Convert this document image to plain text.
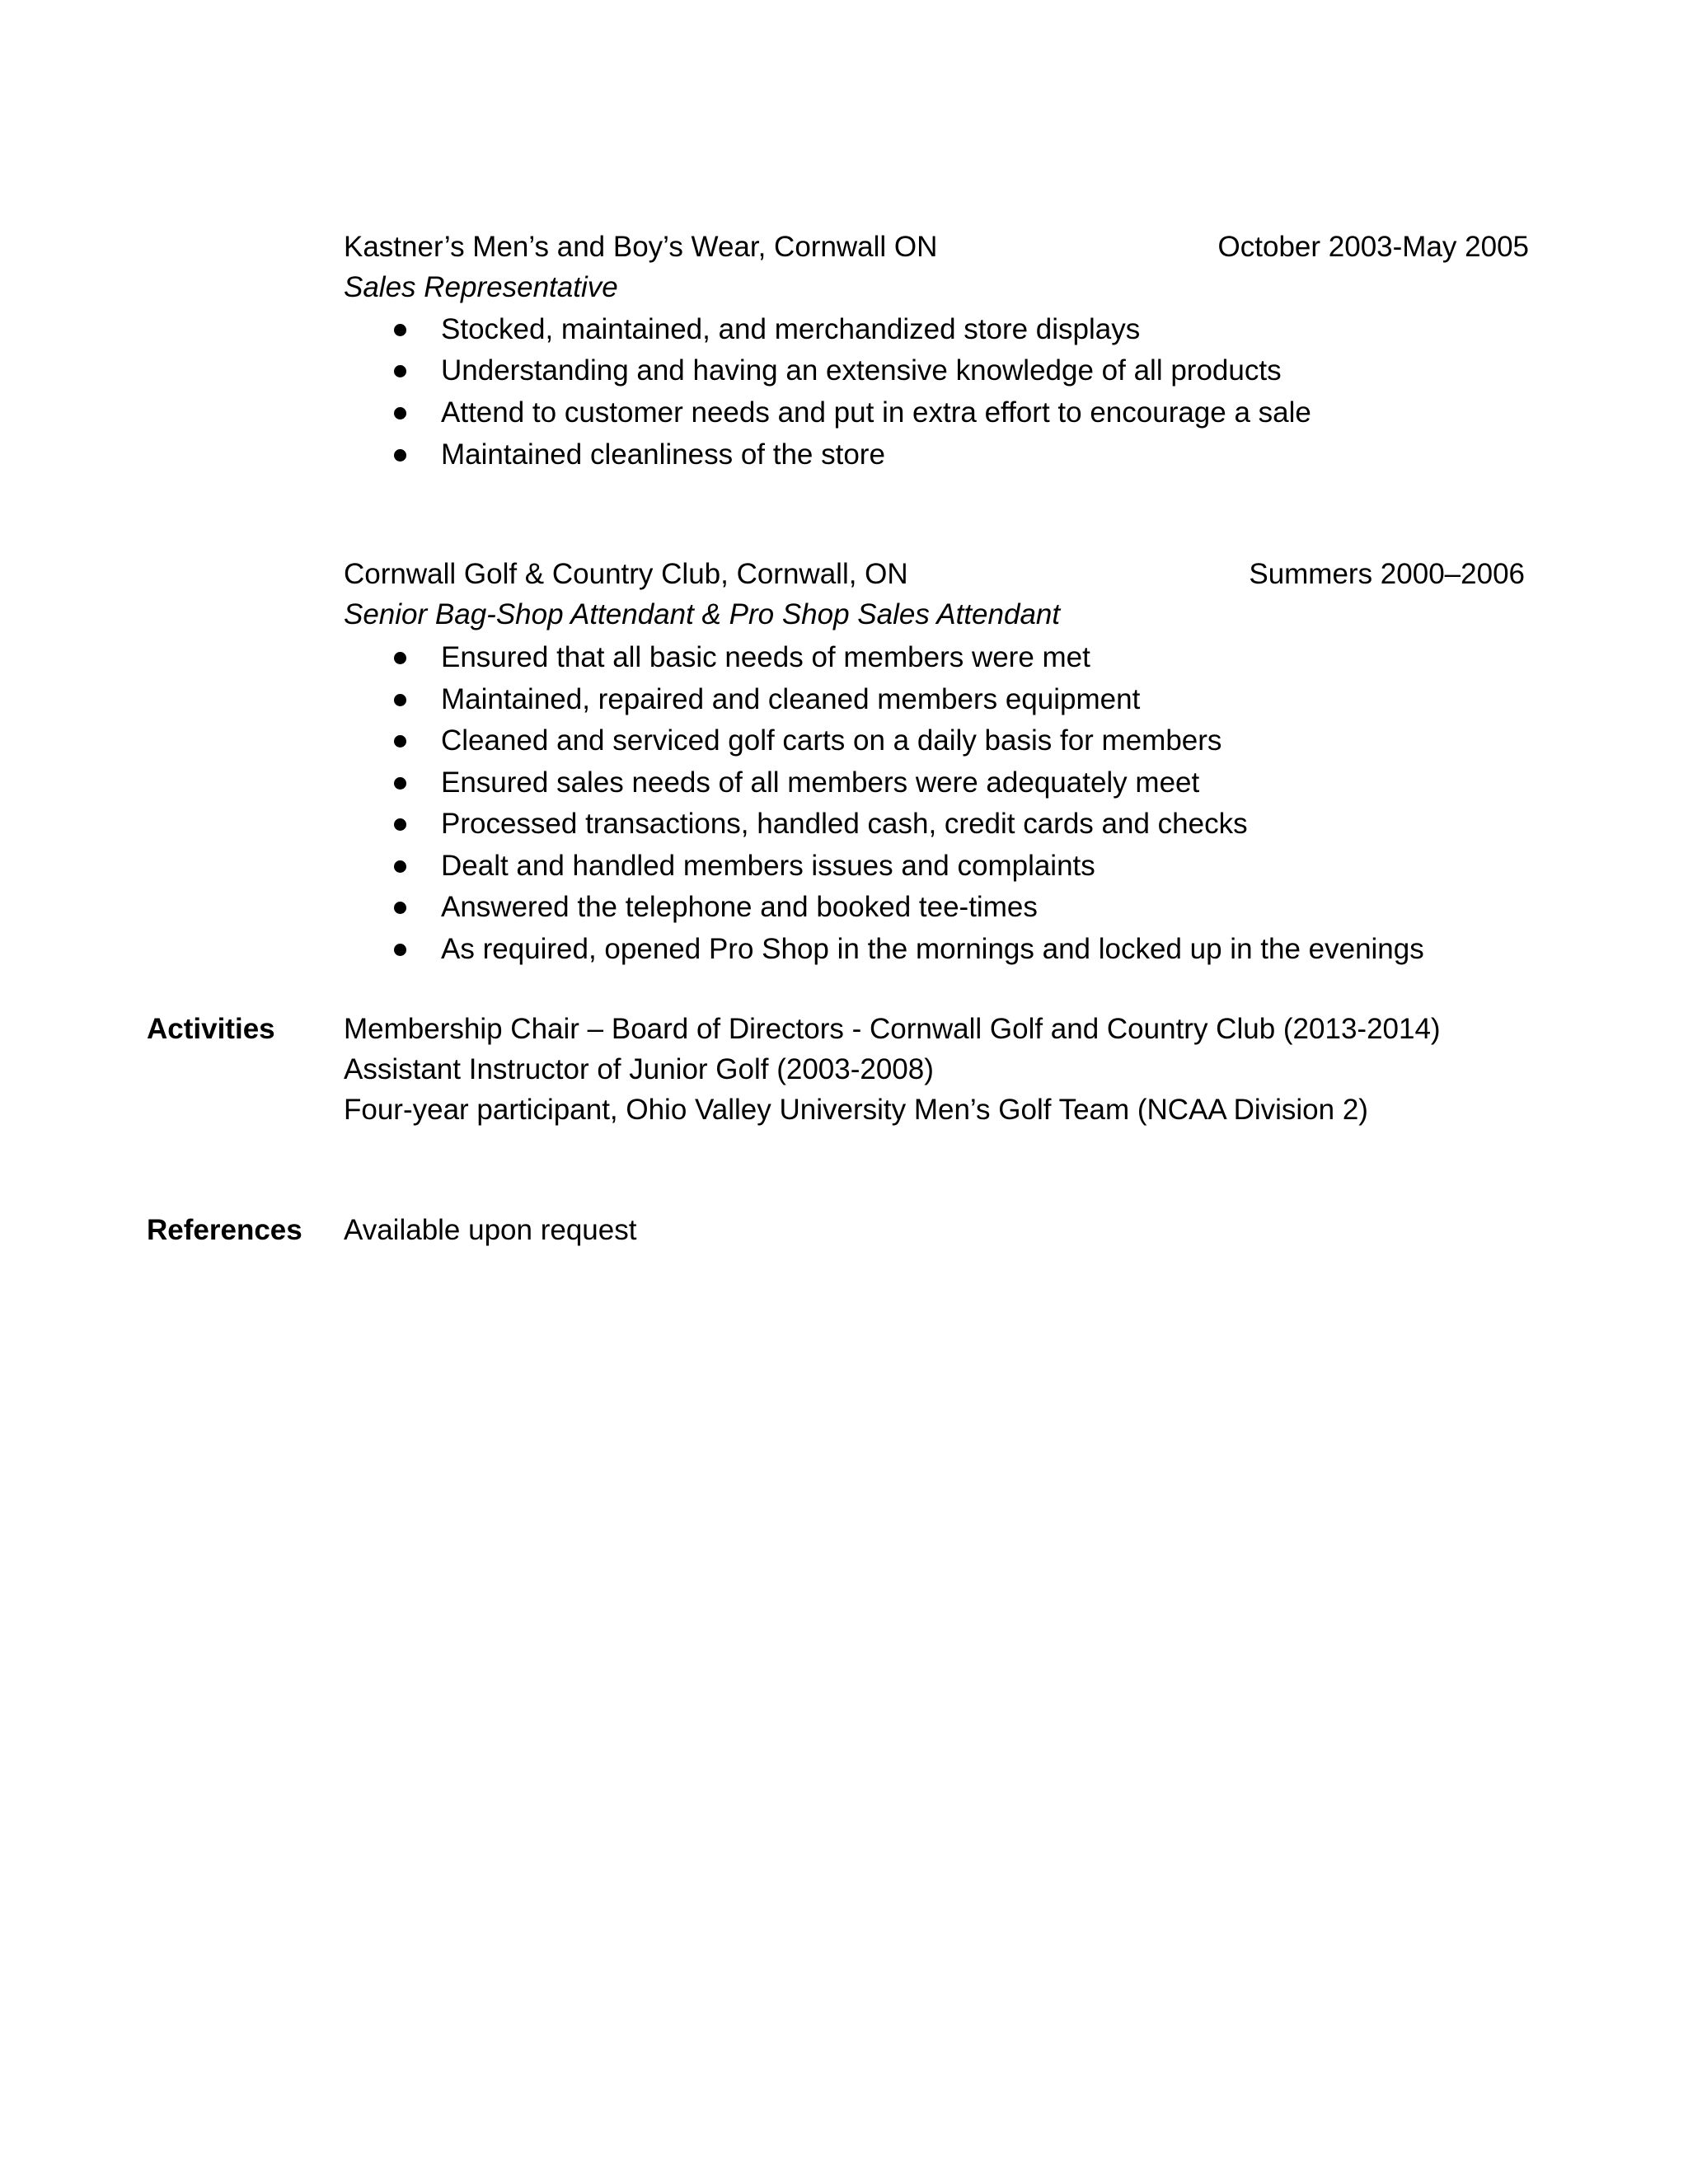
Kastner’s Men’s and Boy’s Wear, Cornwall ON	October 2003-May 2005
Sales Representative
Stocked, maintained, and merchandized store displays
Understanding and having an extensive knowledge of all products
Attend to customer needs and put in extra effort to encourage a sale
Maintained cleanliness of the store
Cornwall Golf & Country Club, Cornwall, ON	Summers 2000–2006
Senior Bag-Shop Attendant & Pro Shop Sales Attendant
Ensured that all basic needs of members were met
Maintained, repaired and cleaned members equipment
Cleaned and serviced golf carts on a daily basis for members
Ensured sales needs of all members were adequately meet
Processed transactions, handled cash, credit cards and checks
Dealt and handled members issues and complaints
Answered the telephone and booked tee-times
As required, opened Pro Shop in the mornings and locked up in the evenings
Activities Membership Chair – Board of Directors - Cornwall Golf and Country Club (2013-2014)
Assistant Instructor of Junior Golf (2003-2008)
Four-year participant, Ohio Valley University Men’s Golf Team (NCAA Division 2)
References Available upon request
